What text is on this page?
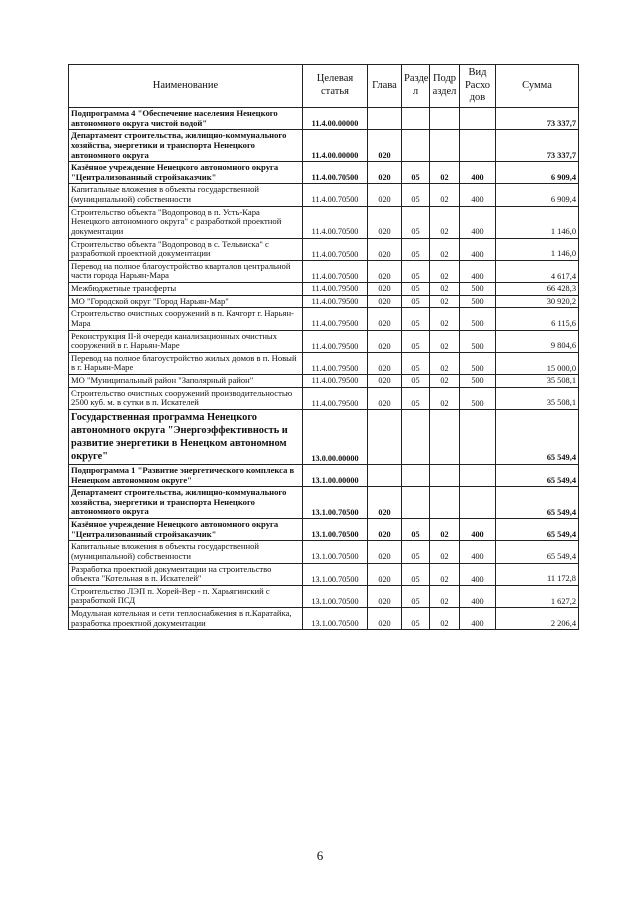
Наименование	Целевая статья	Глава	Разде л	Подр аздел	Вид Расхо дов	Сумма
Подпрограмма 4 "Обеспечение населения Ненецкого автономного округа чистой водой"	11.4.00.00000					73 337,7
Департамент строительства, жилищно-коммунального хозяйства, энергетики и транспорта Ненецкого автономного округа	11.4.00.00000	020				73 337,7
Казённое учреждение Ненецкого автономного округа "Централизованный стройзаказчик"	11.4.00.70500	020	05	02	400	6 909,4
Капитальные вложения в объекты государственной (муниципальной) собственности	11.4.00.70500	020	05	02	400	6 909,4
Строительство объекта "Водопровод в п. Усть-Кара Ненецкого автономного округа" с разработкой проектной документации	11.4.00.70500	020	05	02	400	1 146,0
Строительство объекта "Водопровод в с. Тельвиска" с разработкой проектной документации	11.4.00.70500	020	05	02	400	1 146,0
Перевод на полное благоустройство кварталов центральной части города Нарьян-Мара	11.4.00.70500	020	05	02	400	4 617,4
Межбюджетные трансферты	11.4.00.79500	020	05	02	500	66 428,3
МО "Городской округ "Город Нарьян-Мар"	11.4.00.79500	020	05	02	500	30 920,2
Строительство очистных сооружений в п. Качгорт г. Нарьян-Мара	11.4.00.79500	020	05	02	500	6 115,6
Реконструкция II-й очереди канализационных очистных сооружений в г. Нарьян-Маре	11.4.00.79500	020	05	02	500	9 804,6
Перевод на полное благоустройство жилых домов в п. Новый в г. Нарьян-Маре	11.4.00.79500	020	05	02	500	15 000,0
МО "Муниципальный район "Заполярный район"	11.4.00.79500	020	05	02	500	35 508,1
Строительство очистных сооружений производительностью 2500 куб. м. в сутки в п. Искателей	11.4.00.79500	020	05	02	500	35 508,1
Государственная программа Ненецкого автономного округа "Энергоэффективность и развитие энергетики в Ненецком автономном округе"	13.0.00.00000					65 549,4
Подпрограмма 1 "Развитие энергетического комплекса в Ненецком автономном округе"	13.1.00.00000					65 549,4
Департамент строительства, жилищно-коммунального хозяйства, энергетики и транспорта Ненецкого автономного округа	13.1.00.70500	020				65 549,4
Казённое учреждение Ненецкого автономного округа "Централизованный стройзаказчик"	13.1.00.70500	020	05	02	400	65 549,4
Капитальные вложения в объекты государственной (муниципальной) собственности	13.1.00.70500	020	05	02	400	65 549,4
Разработка проектной документации на строительство объекта "Котельная в п. Искателей"	13.1.00.70500	020	05	02	400	11 172,8
Строительство ЛЭП п. Хорей-Вер - п. Харьягинский с разработкой ПСД	13.1.00.70500	020	05	02	400	1 627,2
Модульная котельная и сети теплоснабжения в п.Каратайка, разработка проектной документации	13.1.00.70500	020	05	02	400	2 206,4
6
